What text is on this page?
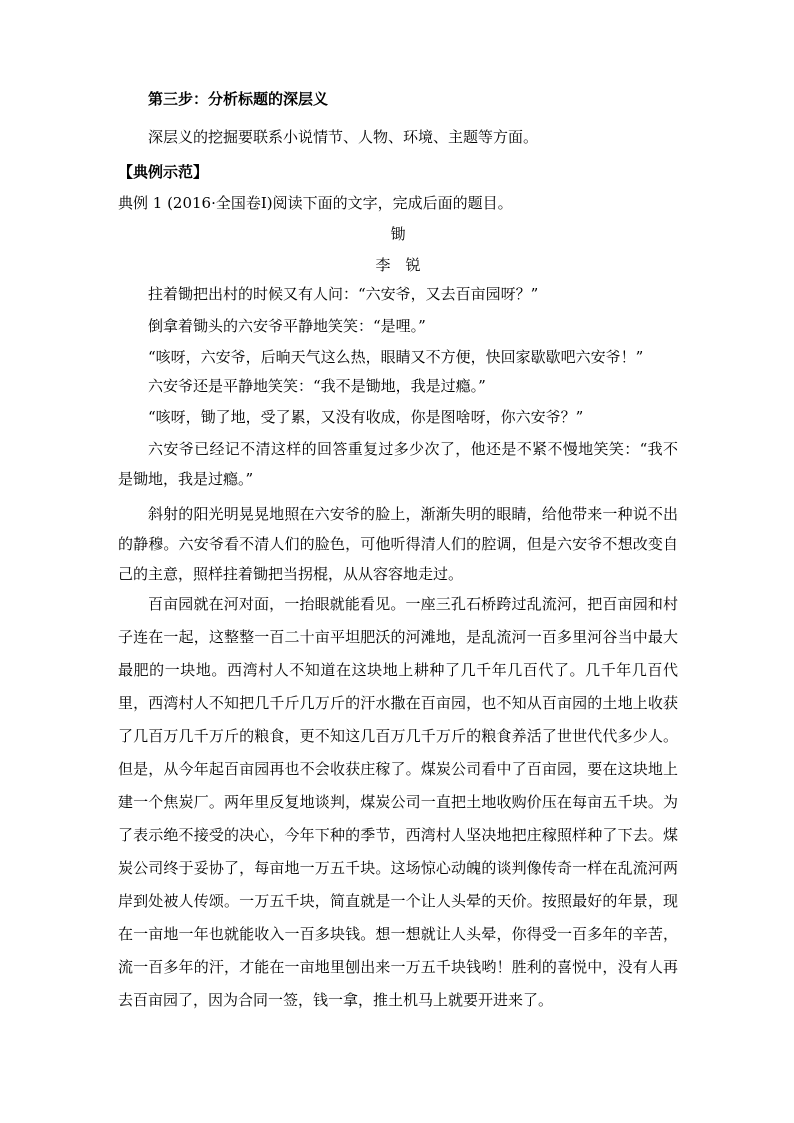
第三步：分析标题的深层义
深层义的挖掘要联系小说情节、人物、环境、主题等方面。
【典例示范】
典例 1 (2016·全国卷Ⅰ)阅读下面的文字，完成后面的题目。
锄
李　锐
拄着锄把出村的时候又有人问：“六安爷，又去百亩园呀？”
倒拿着锄头的六安爷平静地笑笑：“是哩。”
“咳呀，六安爷，后晌天气这么热，眼睛又不方便，快回家歇歇吧六安爷！”
六安爷还是平静地笑笑：“我不是锄地，我是过瘾。”
“咳呀，锄了地，受了累，又没有收成，你是图啥呀，你六安爷？”
六安爷已经记不清这样的回答重复过多少次了，他还是不紧不慢地笑笑：“我不是锄地，我是过瘾。”
斜射的阳光明晃晃地照在六安爷的脸上，渐渐失明的眼睛，给他带来一种说不出的静穆。六安爷看不清人们的脸色，可他听得清人们的腔调，但是六安爷不想改变自己的主意，照样拄着锄把当拐棍，从从容容地走过。
百亩园就在河对面，一抬眼就能看见。一座三孔石桥跨过乱流河，把百亩园和村子连在一起，这整整一百二十亩平坦肥沃的河滩地，是乱流河一百多里河谷当中最大最肥的一块地。西湾村人不知道在这块地上耕种了几千年几百代了。几千年几百代里，西湾村人不知把几千斤几万斤的汗水撒在百亩园，也不知从百亩园的土地上收获了几百万几千万斤的粮食，更不知这几百万几千万斤的粮食养活了世世代代多少人。但是，从今年起百亩园再也不会收获庄稼了。煤炭公司看中了百亩园，要在这块地上建一个焦炭厂。两年里反复地谈判，煤炭公司一直把土地收购价压在每亩五千块。为了表示绝不接受的决心，今年下种的季节，西湾村人坚决地把庄稼照样种了下去。煤炭公司终于妥协了，每亩地一万五千块。这场惊心动魄的谈判像传奇一样在乱流河两岸到处被人传颂。一万五千块，简直就是一个让人头晕的天价。按照最好的年景，现在一亩地一年也就能收入一百多块钱。想一想就让人头晕，你得受一百多年的辛苦，流一百多年的汗，才能在一亩地里刨出来一万五千块钱哟！胜利的喜悦中，没有人再去百亩园了，因为合同一签，钱一拿，推土机马上就要开进来了。
